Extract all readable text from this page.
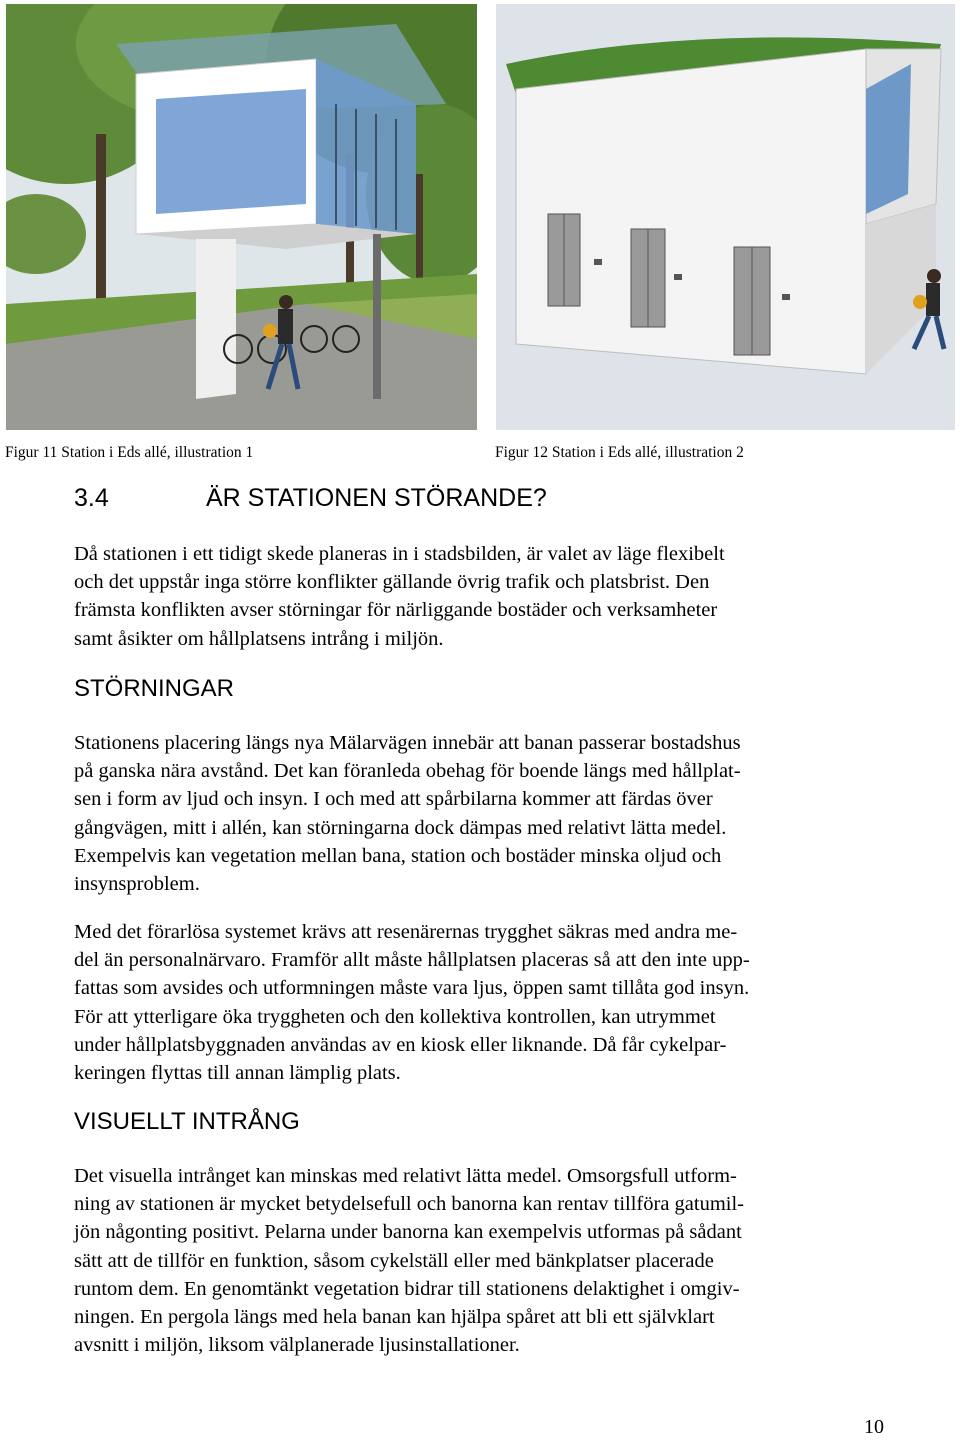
Figur 11 Station i Eds allé, illustration 1	Figur 12 Station i Eds allé, illustration 2
3.4	ÄR STATIONEN STÖRANDE?
Då stationen i ett tidigt skede planeras in i stadsbilden, är valet av läge flexibelt
och det uppstår inga större konflikter gällande övrig trafik och platsbrist. Den
främsta konflikten avser störningar för närliggande bostäder och verksamheter
samt åsikter om hållplatsens intrång i miljön.
STÖRNINGAR
Stationens placering längs nya Mälarvägen innebär att banan passerar bostadshus
på ganska nära avstånd. Det kan föranleda obehag för boende längs med hållplat-
sen i form av ljud och insyn. I och med att spårbilarna kommer att färdas över
gångvägen, mitt i allén, kan störningarna dock dämpas med relativt lätta medel.
Exempelvis kan vegetation mellan bana, station och bostäder minska oljud och
insynsproblem.
Med det förarlösa systemet krävs att resenärernas trygghet säkras med andra me-
del än personalnärvaro. Framför allt måste hållplatsen placeras så att den inte upp-
fattas som avsides och utformningen måste vara ljus, öppen samt tillåta god insyn.
För att ytterligare öka tryggheten och den kollektiva kontrollen, kan utrymmet
under hållplatsbyggnaden användas av en kiosk eller liknande. Då får cykelpar-
keringen flyttas till annan lämplig plats.
VISUELLT INTRÅNG
Det visuella intrånget kan minskas med relativt lätta medel. Omsorgsfull utform-
ning av stationen är mycket betydelsefull och banorna kan rentav tillföra gatumil-
jön någonting positivt. Pelarna under banorna kan exempelvis utformas på sådant
sätt att de tillför en funktion, såsom cykelställ eller med bänkplatser placerade
runtom dem. En genomtänkt vegetation bidrar till stationens delaktighet i omgiv-
ningen. En pergola längs med hela banan kan hjälpa spåret att bli ett självklart
avsnitt i miljön, liksom välplanerade ljusinstallationer.
10
